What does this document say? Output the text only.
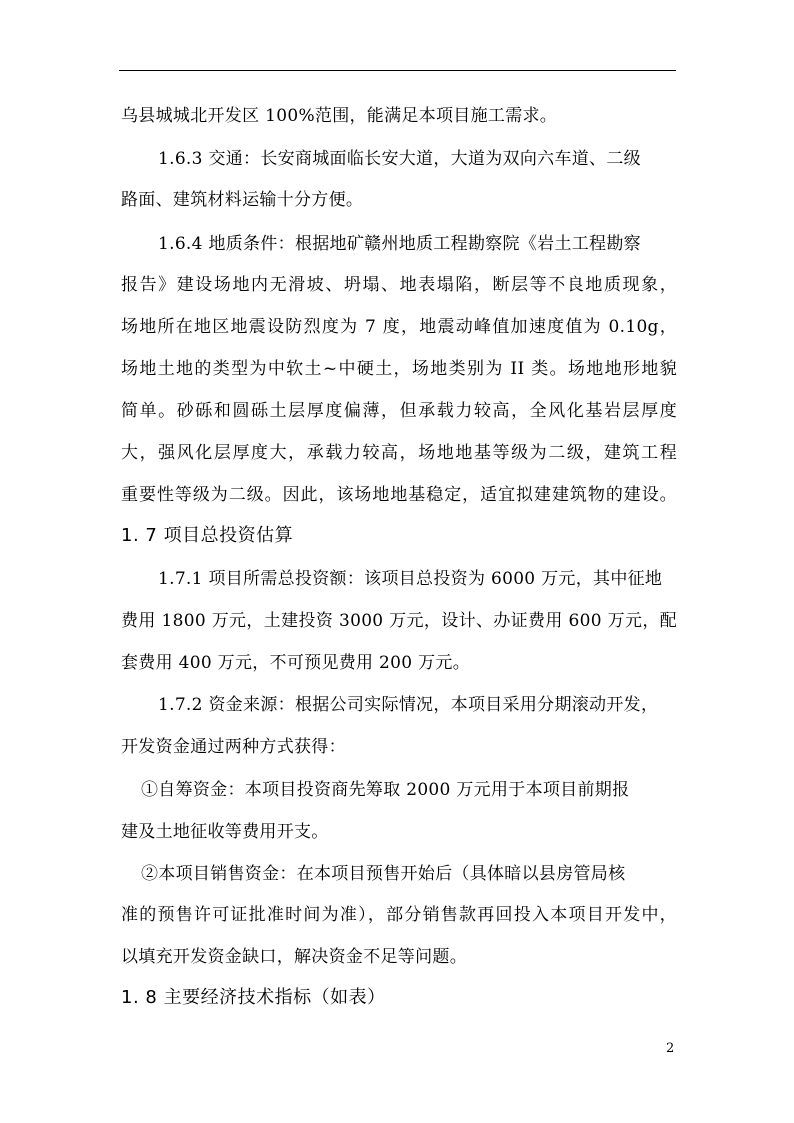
乌县城城北开发区 100%范围，能满足本项目施工需求。
1.6.3 交通：长安商城面临长安大道，大道为双向六车道、二级
路面、建筑材料运输十分方便。
1.6.4 地质条件：根据地矿赣州地质工程勘察院《岩土工程勘察
报告》建设场地内无滑坡、坍塌、地表塌陷，断层等不良地质现象，
场地所在地区地震设防烈度为 7 度，地震动峰值加速度值为 0.10g，
场地土地的类型为中软土~中硬土，场地类别为 II 类。场地地形地貌
简单。砂砾和圆砾土层厚度偏薄，但承载力较高，全风化基岩层厚度
大，强风化层厚度大，承载力较高，场地地基等级为二级，建筑工程
重要性等级为二级。因此，该场地地基稳定，适宜拟建建筑物的建设。
1. 7 项目总投资估算
1.7.1 项目所需总投资额：该项目总投资为 6000 万元，其中征地
费用 1800 万元，土建投资 3000 万元，设计、办证费用 600 万元，配
套费用 400 万元，不可预见费用 200 万元。
1.7.2 资金来源：根据公司实际情况，本项目采用分期滚动开发，
开发资金通过两种方式获得：
①自筹资金：本项目投资商先筹取 2000 万元用于本项目前期报
建及土地征收等费用开支。
②本项目销售资金：在本项目预售开始后（具体暗以县房管局核
准的预售许可证批准时间为准），部分销售款再回投入本项目开发中，
以填充开发资金缺口，解决资金不足等问题。
1. 8 主要经济技术指标（如表）
2
